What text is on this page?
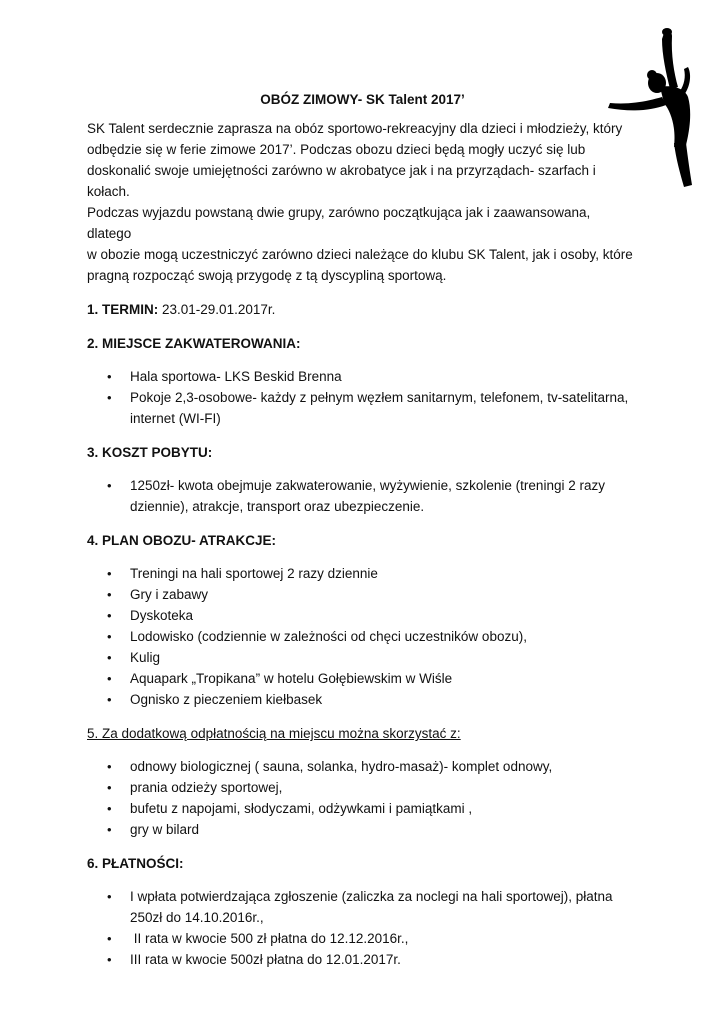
OBÓZ ZIMOWY- SK Talent 2017’

SK Talent serdecznie zaprasza na obóz sportowo-rekreacyjny dla dzieci i młodzieży, który

odbędzie się w ferie zimowe 2017’. Podczas obozu dzieci będą mogły uczyć się lub

doskonalić swoje umiejętności zarówno w akrobatyce jak i na przyrządach- szarfach i kołach.

Podczas wyjazdu powstaną dwie grupy, zarówno początkująca jak i zaawansowana, dlatego

w obozie mogą uczestniczyć zarówno dzieci należące do klubu SK Talent, jak i osoby, które

pragną rozpocząć swoją przygodę z tą dyscypliną sportową.

1. TERMIN: 23.01-29.01.2017r.

2. MIEJSCE ZAKWATEROWANIA:

• Hala sportowa- LKS Beskid Brenna
• Pokoje 2,3-osobowe- każdy z pełnym węzłem sanitarnym, telefonem, tv-satelitarna,
internet (WI-FI)

3. KOSZT POBYTU:

• 1250zł- kwota obejmuje zakwaterowanie, wyżywienie, szkolenie (treningi 2 razy
dziennie), atrakcje, transport oraz ubezpieczenie.

4. PLAN OBOZU- ATRAKCJE:

• Treningi na hali sportowej 2 razy dziennie
• Gry i zabawy
• Dyskoteka
• Lodowisko (codziennie w zależności od chęci uczestników obozu),
• Kulig
• Aquapark „Tropikana” w hotelu Gołębiewskim w Wiśle
• Ognisko z pieczeniem kiełbasek

5. Za dodatkową odpłatnością na miejscu można skorzystać z:

• odnowy biologicznej ( sauna, solanka, hydro-masaż)- komplet odnowy,
• prania odzieży sportowej,
• bufetu z napojami, słodyczami, odżywkami i pamiątkami ,
• gry w bilard

6. PŁATNOŚCI:

• I wpłata potwierdzająca zgłoszenie (zaliczka za noclegi na hali sportowej), płatna
250zł do 14.10.2016r.,
• II rata w kwocie 500 zł płatna do 12.12.2016r.,
• III rata w kwocie 500zł płatna do 12.01.2017r.
